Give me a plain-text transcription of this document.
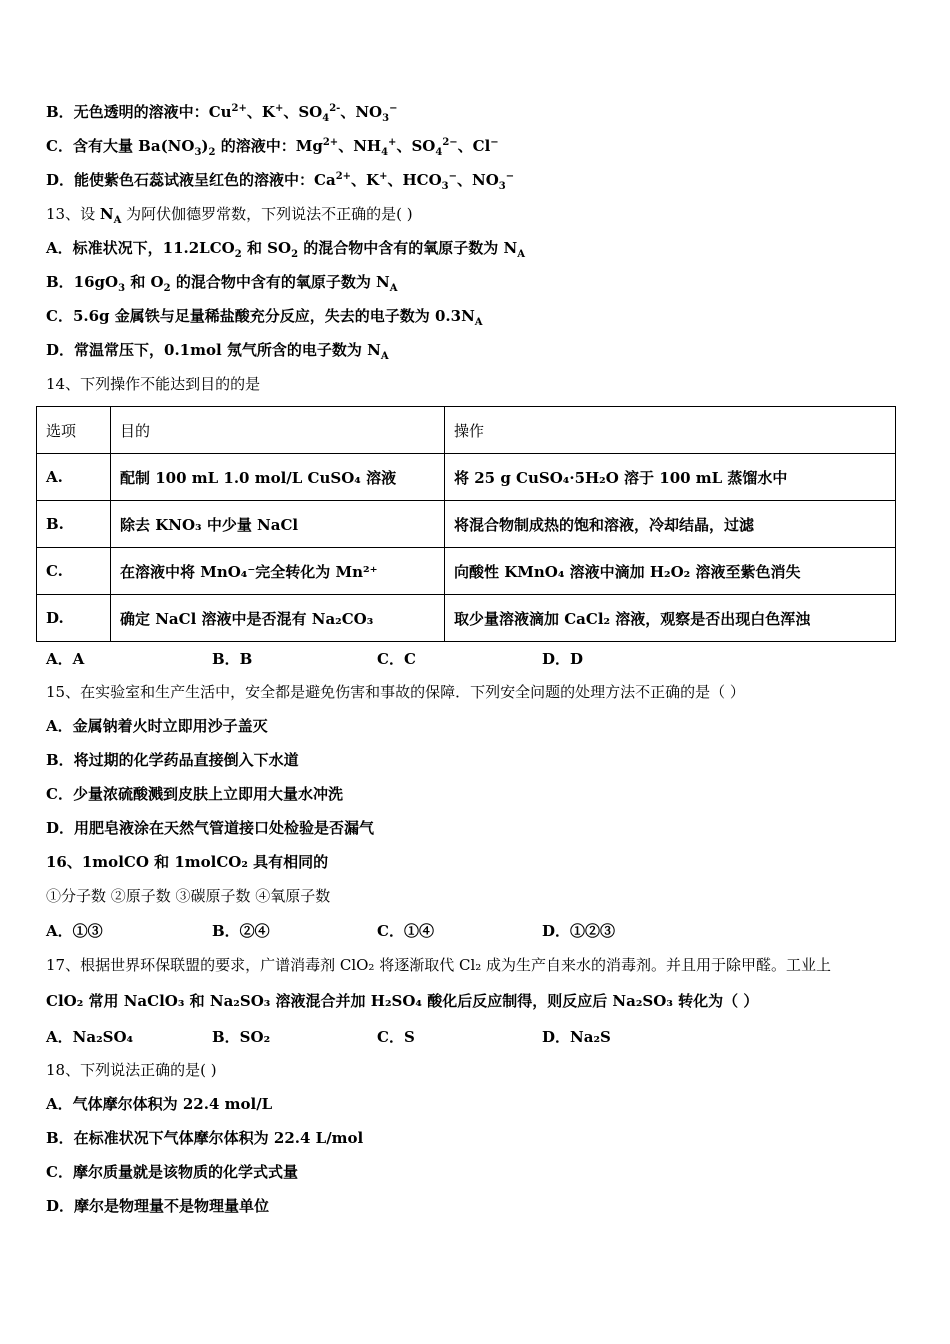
B．无色透明的溶液中：$Cu^{2+}$、K+、$SO_4^{2-}$、$NO_3^-$
C．含有大量 $Ba(NO_3)_2$ 的溶液中：$Mg^{2+}$、$NH_4^+$、$SO_4^{2-}$、Cl−
D．能使紫色石蕊试液呈红色的溶液中：$Ca^{2+}$、K+、$HCO_3^-$、$NO_3^-$
13、设 $N_A$ 为阿伏伽德罗常数，下列说法不正确的是( )
A．标准状况下，$11.2LCO_2$ 和 $SO_2$ 的混合物中含有的氧原子数为 $N_A$
B．$16gO_3$ 和 $O_2$ 的混合物中含有的氧原子数为 $N_A$
C．5.6g 金属铁与足量稀盐酸充分反应，失去的电子数为 $0.3N_A$
D．常温常压下，0.1mol 氖气所含的电子数为 $N_A$
14、下列操作不能达到目的的是
选项	目的	操作
A.	配制 100 mL 1.0 mol/L CuSO₄ 溶液	将 25 g CuSO₄·5H₂O 溶于 100 mL 蒸馏水中
B.	除去 KNO₃ 中少量 NaCl	将混合物制成热的饱和溶液，冷却结晶，过滤
C.	在溶液中将 MnO₄⁻完全转化为 Mn²⁺	向酸性 KMnO₄ 溶液中滴加 H₂O₂ 溶液至紫色消失
D.	确定 NaCl 溶液中是否混有 Na₂CO₃	取少量溶液滴加 CaCl₂ 溶液，观察是否出现白色浑浊
A．A	B．B	C．C	D．D
15、在实验室和生产生活中，安全都是避免伤害和事故的保障．下列安全问题的处理方法不正确的是（ ）
A．金属钠着火时立即用沙子盖灭
B．将过期的化学药品直接倒入下水道
C．少量浓硫酸溅到皮肤上立即用大量水冲洗
D．用肥皂液涂在天然气管道接口处检验是否漏气
16、1molCO 和 1molCO₂ 具有相同的
①分子数 ②原子数 ③碳原子数 ④氧原子数
A．①③	B．②④	C．①④	D．①②③
17、根据世界环保联盟的要求，广谱消毒剂 ClO₂ 将逐渐取代 Cl₂ 成为生产自来水的消毒剂。并且用于除甲醛。工业上
ClO₂ 常用 NaClO₃ 和 Na₂SO₃ 溶液混合并加 H₂SO₄ 酸化后反应制得，则反应后 Na₂SO₃ 转化为（ ）
A．Na₂SO₄	B．SO₂	C．S	D．Na₂S
18、下列说法正确的是( )
A．气体摩尔体积为 22.4 mol/L
B．在标准状况下气体摩尔体积为 22.4 L/mol
C．摩尔质量就是该物质的化学式式量
D．摩尔是物理量不是物理量单位
